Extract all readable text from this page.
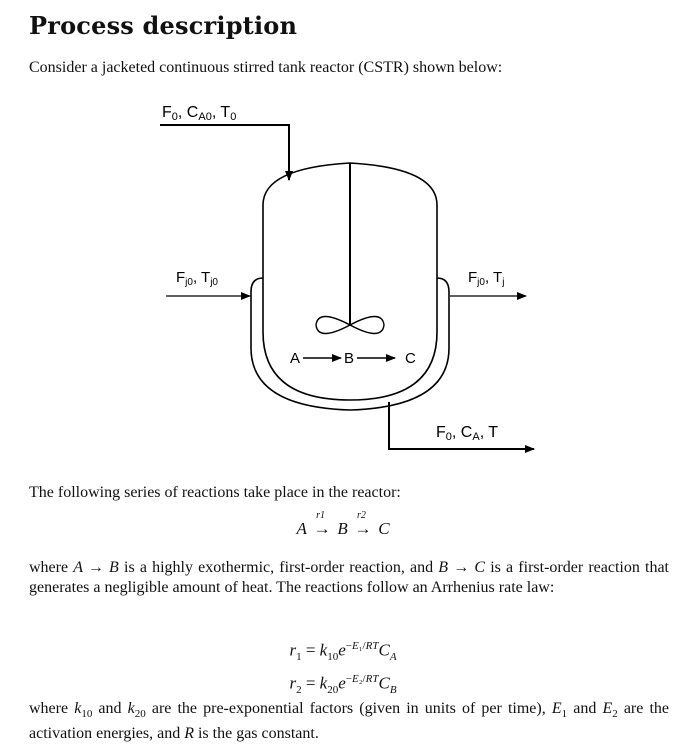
Process description

Consider a jacketed continuous stirred tank reactor (CSTR) shown below:

F0, CA0, T0
A	B	C
$F_{j0}$, $T_{j0}$	$F_{j0}$, $T_j$
F0, CA, T

The following series of reactions take place in the reactor:

A
r1
→ B
r2
→ C

where A → B is a highly exothermic, first-order reaction, and B → C is a first-order reaction that generates a negligible amount of heat. The reactions follow an Arrhenius rate law:

$r_1 = k_{10}e^{-E_1/RT}C_A$
$r_2 = k_{20}e^{-E_2/RT}C_B$

where $k_{10}$ and $k_{20}$ are the pre-exponential factors (given in units of per time), $E_1$ and $E_2$ are the activation energies, and R is the gas constant.
